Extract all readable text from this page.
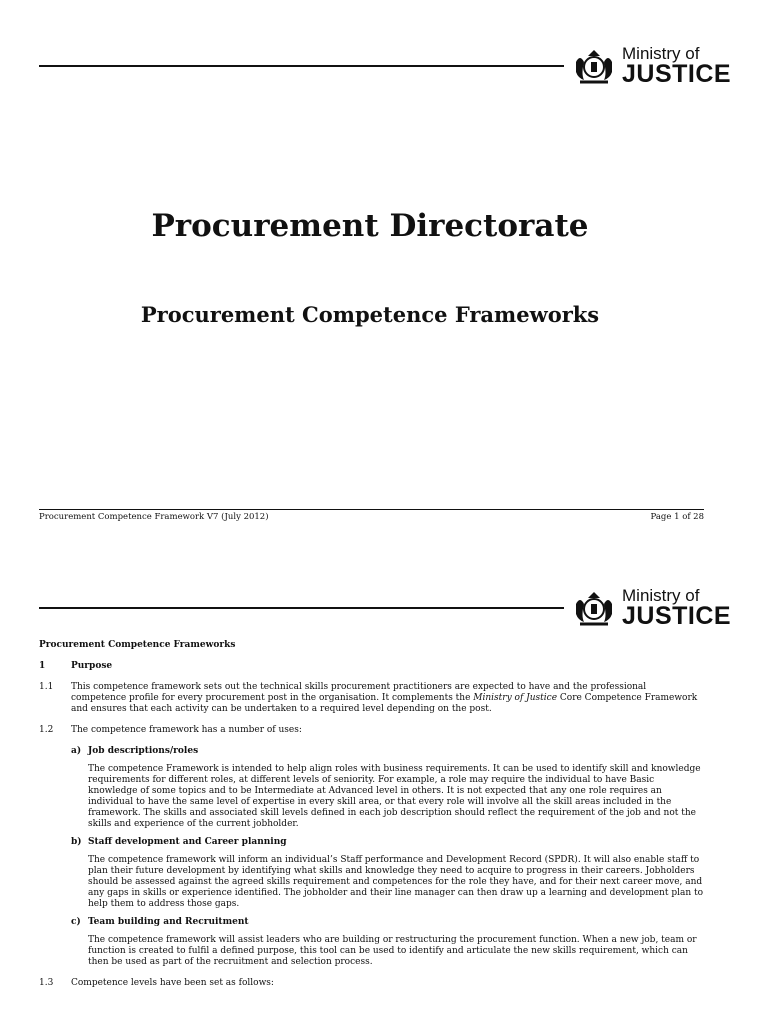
Ministry of
JUSTICE
Procurement Directorate
Procurement Competence Frameworks
Procurement Competence Framework V7 (July 2012)	Page 1 of 28
Ministry of
JUSTICE
Procurement Competence Frameworks
1	Purpose
1.1	This competence framework sets out the technical skills procurement practitioners are expected to have and the professional competence profile for every procurement post in the organisation. It complements the Ministry of Justice Core Competence Framework and ensures that each activity can be undertaken to a required level depending on the post.
1.2	The competence framework has a number of uses:
a) Job descriptions/roles
The competence Framework is intended to help align roles with business requirements. It can be used to identify skill and knowledge requirements for different roles, at different levels of seniority. For example, a role may require the individual to have Basic knowledge of some topics and to be Intermediate at Advanced level in others. It is not expected that any one role requires an individual to have the same level of expertise in every skill area, or that every role will involve all the skill areas included in the framework. The skills and associated skill levels defined in each job description should reflect the requirement of the job and not the skills and experience of the current jobholder.
b) Staff development and Career planning
The competence framework will inform an individual’s Staff performance and Development Record (SPDR). It will also enable staff to plan their future development by identifying what skills and knowledge they need to acquire to progress in their careers. Jobholders should be assessed against the agreed skills requirement and competences for the role they have, and for their next career move, and any gaps in skills or experience identified. The jobholder and their line manager can then draw up a learning and development plan to help them to address those gaps.
c) Team building and Recruitment
The competence framework will assist leaders who are building or restructuring the procurement function. When a new job, team or function is created to fulfil a defined purpose, this tool can be used to identify and articulate the new skills requirement, which can then be used as part of the recruitment and selection process.
1.3	Competence levels have been set as follows:
